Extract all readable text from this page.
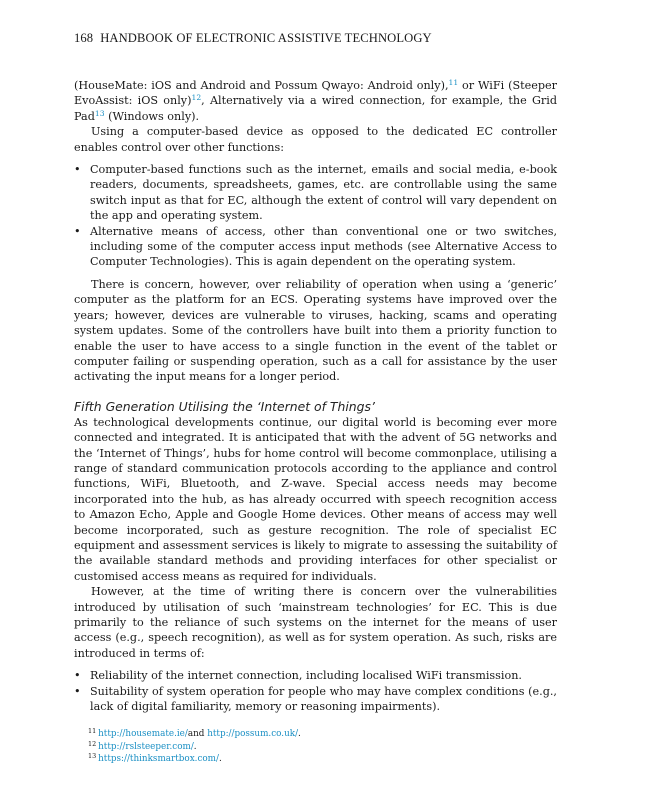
168 HANDBOOK OF ELECTRONIC ASSISTIVE TECHNOLOGY

(HouseMate: iOS and Android and Possum Qwayo: Android only),$^{11}$ or WiFi (Steeper EvoAssist: iOS only)$^{12}$, Alternatively via a wired connection, for example, the Grid Pad$^{13}$ (Windows only).

Using a computer-based device as opposed to the dedicated EC controller enables control over other functions:

• Computer-based functions such as the internet, emails and social media, e-book readers, documents, spreadsheets, games, etc. are controllable using the same switch input as that for EC, although the extent of control will vary dependent on the app and operating system.
• Alternative means of access, other than conventional one or two switches, including some of the computer access input methods (see Alternative Access to Computer Technologies). This is again dependent on the operating system.

There is concern, however, over reliability of operation when using a ‘generic’ computer as the platform for an ECS. Operating systems have improved over the years; however, devices are vulnerable to viruses, hacking, scams and operating system updates. Some of the controllers have built into them a priority function to enable the user to have access to a single function in the event of the tablet or computer failing or suspending operation, such as a call for assistance by the user activating the input means for a longer period.

Fifth Generation Utilising the ‘Internet of Things’

As technological developments continue, our digital world is becoming ever more connected and integrated. It is anticipated that with the advent of 5G networks and the ‘Internet of Things’, hubs for home control will become commonplace, utilising a range of standard communication protocols according to the appliance and control functions, WiFi, Bluetooth, and Z-wave. Special access needs may become incorporated into the hub, as has already occurred with speech recognition access to Amazon Echo, Apple and Google Home devices. Other means of access may well become incorporated, such as gesture recognition. The role of specialist EC equipment and assessment services is likely to migrate to assessing the suitability of the available standard methods and providing interfaces for other specialist or customised access means as required for individuals.

However, at the time of writing there is concern over the vulnerabilities introduced by utilisation of such ‘mainstream technologies’ for EC. This is due primarily to the reliance of such systems on the internet for the means of user access (e.g., speech recognition), as well as for system operation. As such, risks are introduced in terms of:

• Reliability of the internet connection, including localised WiFi transmission.
• Suitability of system operation for people who may have complex conditions (e.g., lack of digital familiarity, memory or reasoning impairments).
$^{11}$ http://housemate.ie/and http://possum.co.uk/.
$^{12}$ http://rslsteeper.com/.
$^{13}$ https://thinksmartbox.com/.
